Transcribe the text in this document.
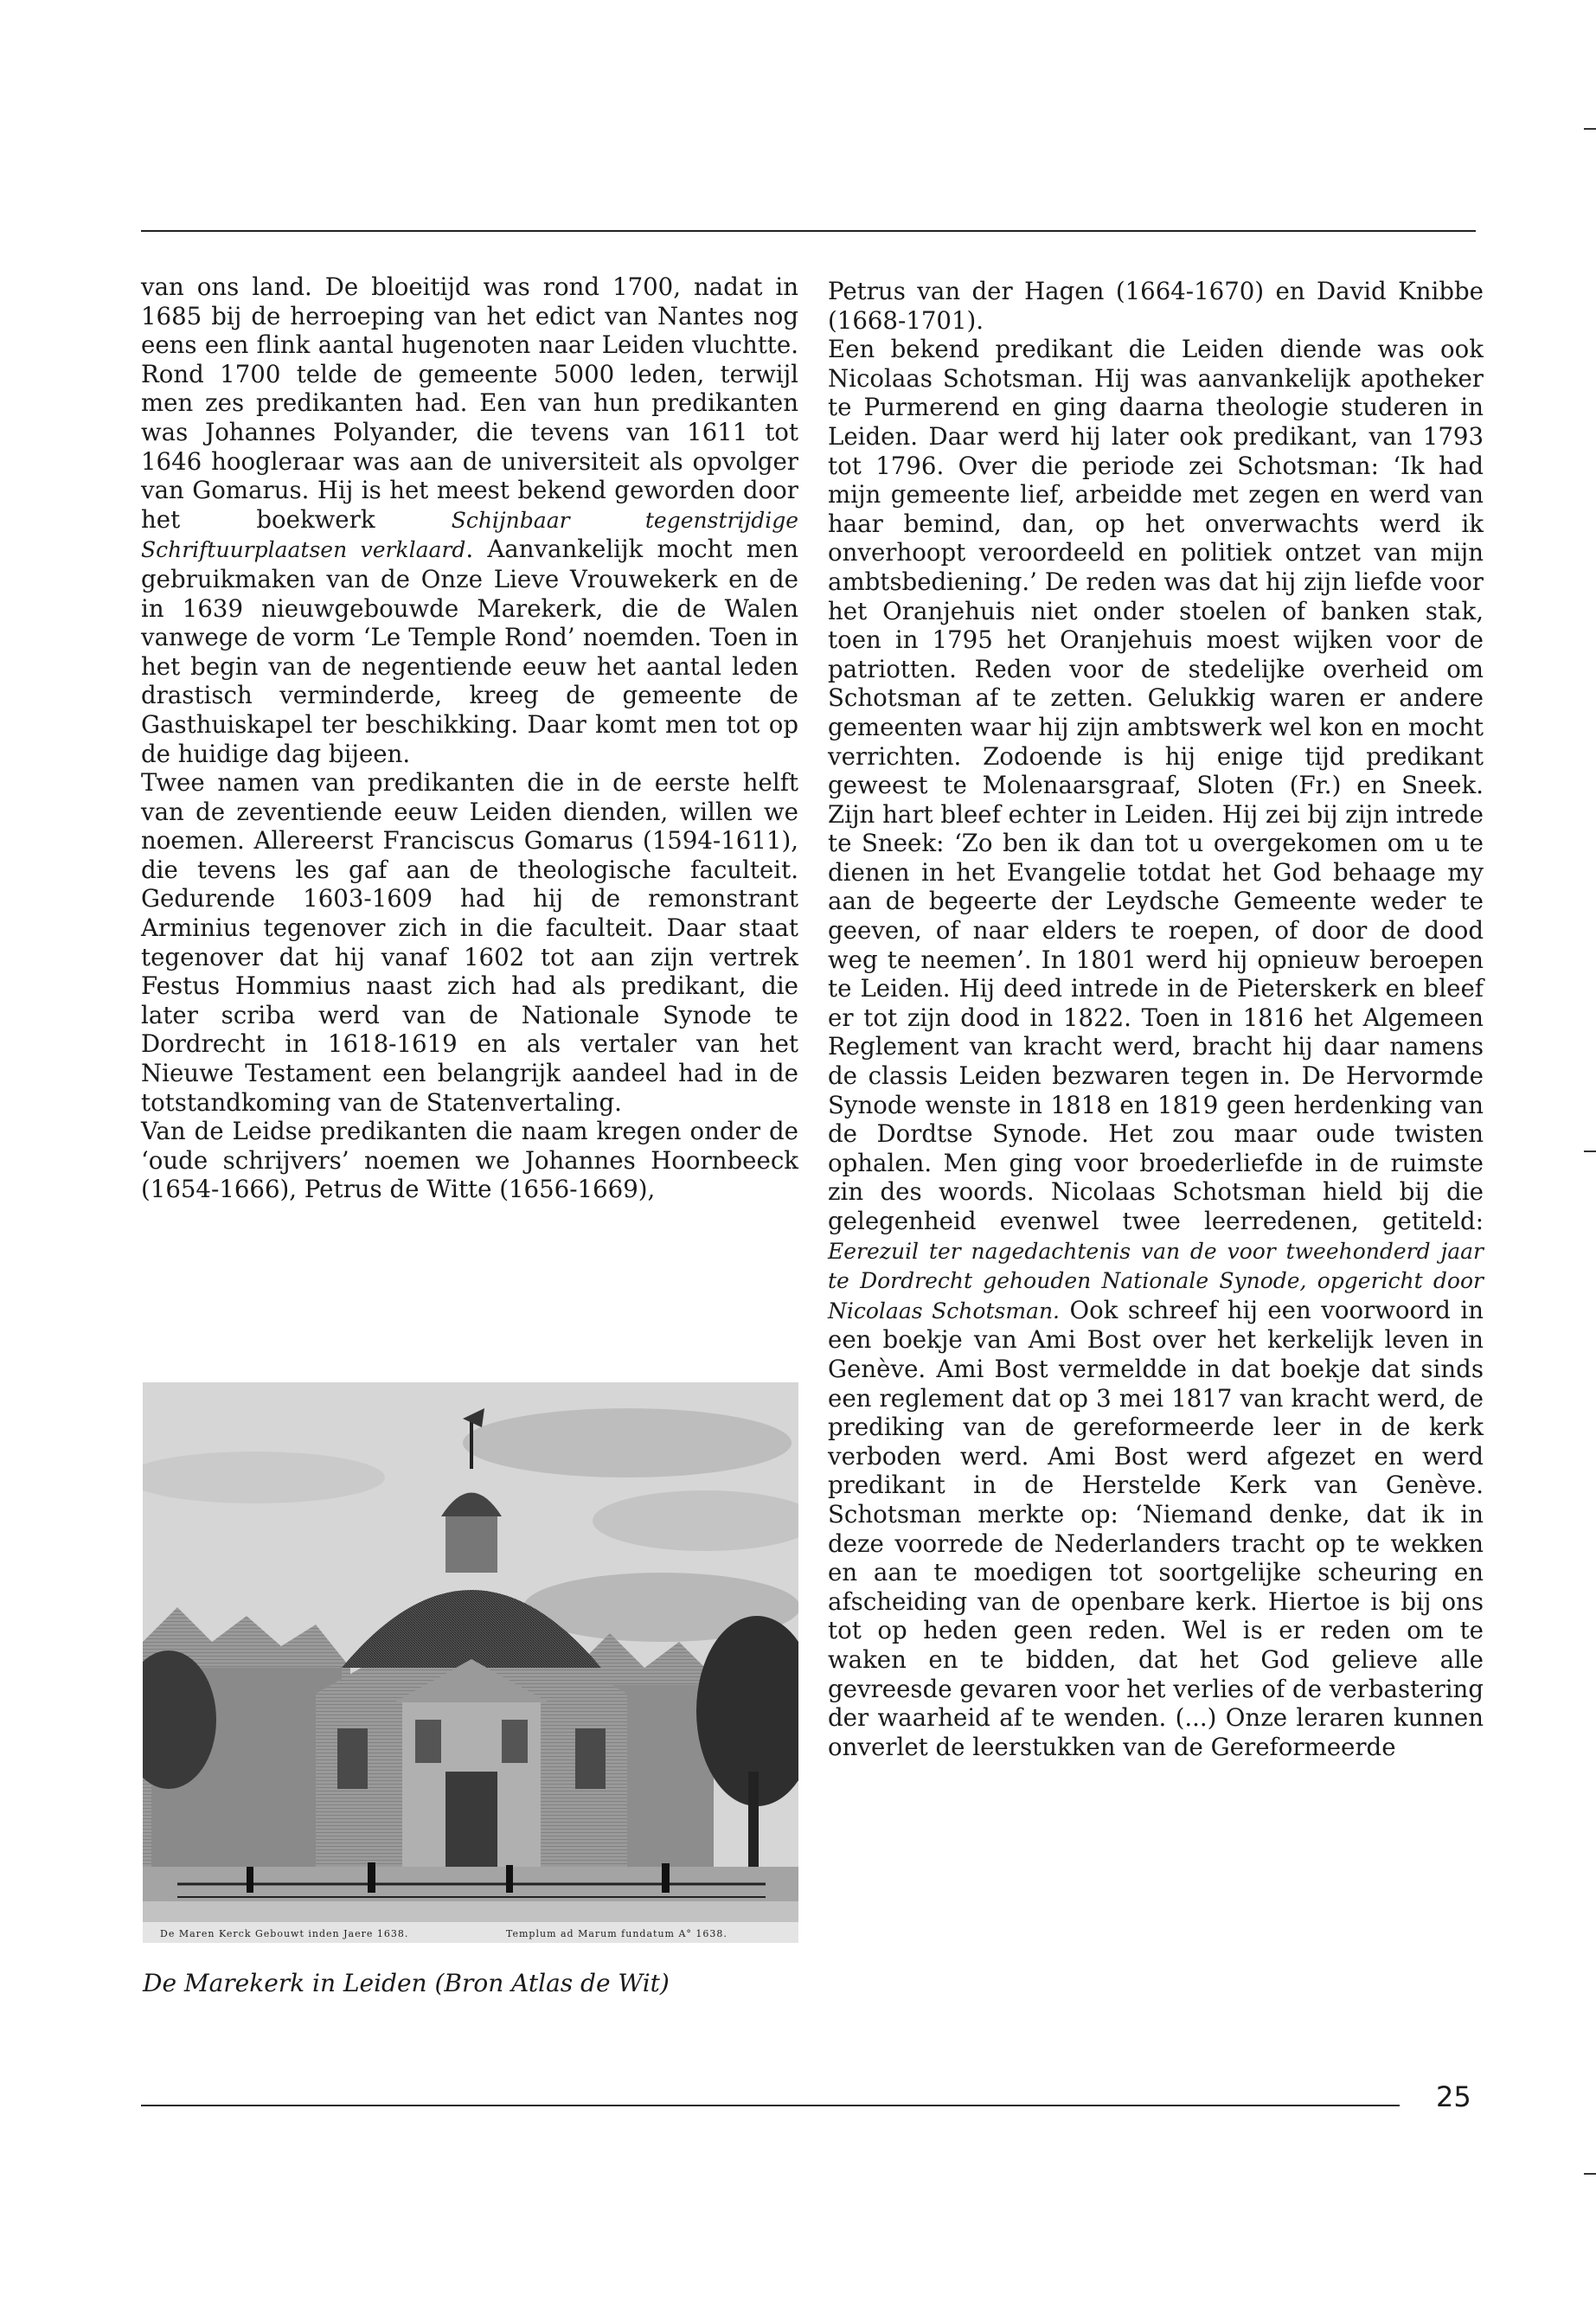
van ons land. De bloeitijd was rond 1700, nadat in 1685 bij de herroeping van het edict van Nantes nog eens een flink aantal hugenoten naar Leiden vluchtte. Rond 1700 telde de gemeente 5000 leden, terwijl men zes predikanten had. Een van hun predikanten was Johannes Polyander, die tevens van 1611 tot 1646 hoogleraar was aan de universiteit als opvolger van Gomarus. Hij is het meest bekend geworden door het boekwerk Schijnbaar tegenstrijdige Schriftuurplaatsen verklaard. Aanvankelijk mocht men gebruikmaken van de Onze Lieve Vrouwekerk en de in 1639 nieuwgebouwde Marekerk, die de Walen vanwege de vorm ‘Le Temple Rond’ noemden. Toen in het begin van de negentiende eeuw het aantal leden drastisch verminderde, kreeg de gemeente de Gasthuiskapel ter beschikking. Daar komt men tot op de huidige dag bijeen.

Twee namen van predikanten die in de eerste helft van de zeventiende eeuw Leiden dienden, willen we noemen. Allereerst Franciscus Gomarus (1594-1611), die tevens les gaf aan de theologische faculteit. Gedurende 1603-1609 had hij de remonstrant Arminius tegenover zich in die faculteit. Daar staat tegenover dat hij vanaf 1602 tot aan zijn vertrek Festus Hommius naast zich had als predikant, die later scriba werd van de Nationale Synode te Dordrecht in 1618-1619 en als vertaler van het Nieuwe Testament een belangrijk aandeel had in de totstandkoming van de Statenvertaling.

Van de Leidse predikanten die naam kregen onder de ‘oude schrijvers’ noemen we Johannes Hoornbeeck (1654-1666), Petrus de Witte (1656-1669),

De Maren Kerck Gebouwt inden Jaere 1638.	Templum ad Marum fundatum A° 1638.
De Marekerk in Leiden (Bron Atlas de Wit)

Petrus van der Hagen (1664-1670) en David Knibbe (1668-1701).

Een bekend predikant die Leiden diende was ook Nicolaas Schotsman. Hij was aanvankelijk apotheker te Purmerend en ging daarna theologie studeren in Leiden. Daar werd hij later ook predikant, van 1793 tot 1796. Over die periode zei Schotsman: ‘Ik had mijn gemeente lief, arbeidde met zegen en werd van haar bemind, dan, op het onverwachts werd ik onverhoopt veroordeeld en politiek ontzet van mijn ambtsbediening.’ De reden was dat hij zijn liefde voor het Oranjehuis niet onder stoelen of banken stak, toen in 1795 het Oranjehuis moest wijken voor de patriotten. Reden voor de stedelijke overheid om Schotsman af te zetten. Gelukkig waren er andere gemeenten waar hij zijn ambtswerk wel kon en mocht verrichten. Zodoende is hij enige tijd predikant geweest te Molenaarsgraaf, Sloten (Fr.) en Sneek. Zijn hart bleef echter in Leiden. Hij zei bij zijn intrede te Sneek: ‘Zo ben ik dan tot u overgekomen om u te dienen in het Evangelie totdat het God behaage my aan de begeerte der Leydsche Gemeente weder te geeven, of naar elders te roepen, of door de dood weg te neemen’. In 1801 werd hij opnieuw beroepen te Leiden. Hij deed intrede in de Pieterskerk en bleef er tot zijn dood in 1822. Toen in 1816 het Algemeen Reglement van kracht werd, bracht hij daar namens de classis Leiden bezwaren tegen in. De Hervormde Synode wenste in 1818 en 1819 geen herdenking van de Dordtse Synode. Het zou maar oude twisten ophalen. Men ging voor broederliefde in de ruimste zin des woords. Nicolaas Schotsman hield bij die gelegenheid evenwel twee leerredenen, getiteld: Eerezuil ter nagedachtenis van de voor tweehonderd jaar te Dordrecht gehouden Nationale Synode, opgericht door Nicolaas Schotsman. Ook schreef hij een voorwoord in een boekje van Ami Bost over het kerkelijk leven in Genève. Ami Bost vermeldde in dat boekje dat sinds een reglement dat op 3 mei 1817 van kracht werd, de prediking van de gereformeerde leer in de kerk verboden werd. Ami Bost werd afgezet en werd predikant in de Herstelde Kerk van Genève. Schotsman merkte op: ‘Niemand denke, dat ik in deze voorrede de Nederlanders tracht op te wekken en aan te moedigen tot soortgelijke scheuring en afscheiding van de openbare kerk. Hiertoe is bij ons tot op heden geen reden. Wel is er reden om te waken en te bidden, dat het God gelieve alle gevreesde gevaren voor het verlies of de verbastering der waarheid af te wenden. (...) Onze leraren kunnen onverlet de leerstukken van de Gereformeerde

25
